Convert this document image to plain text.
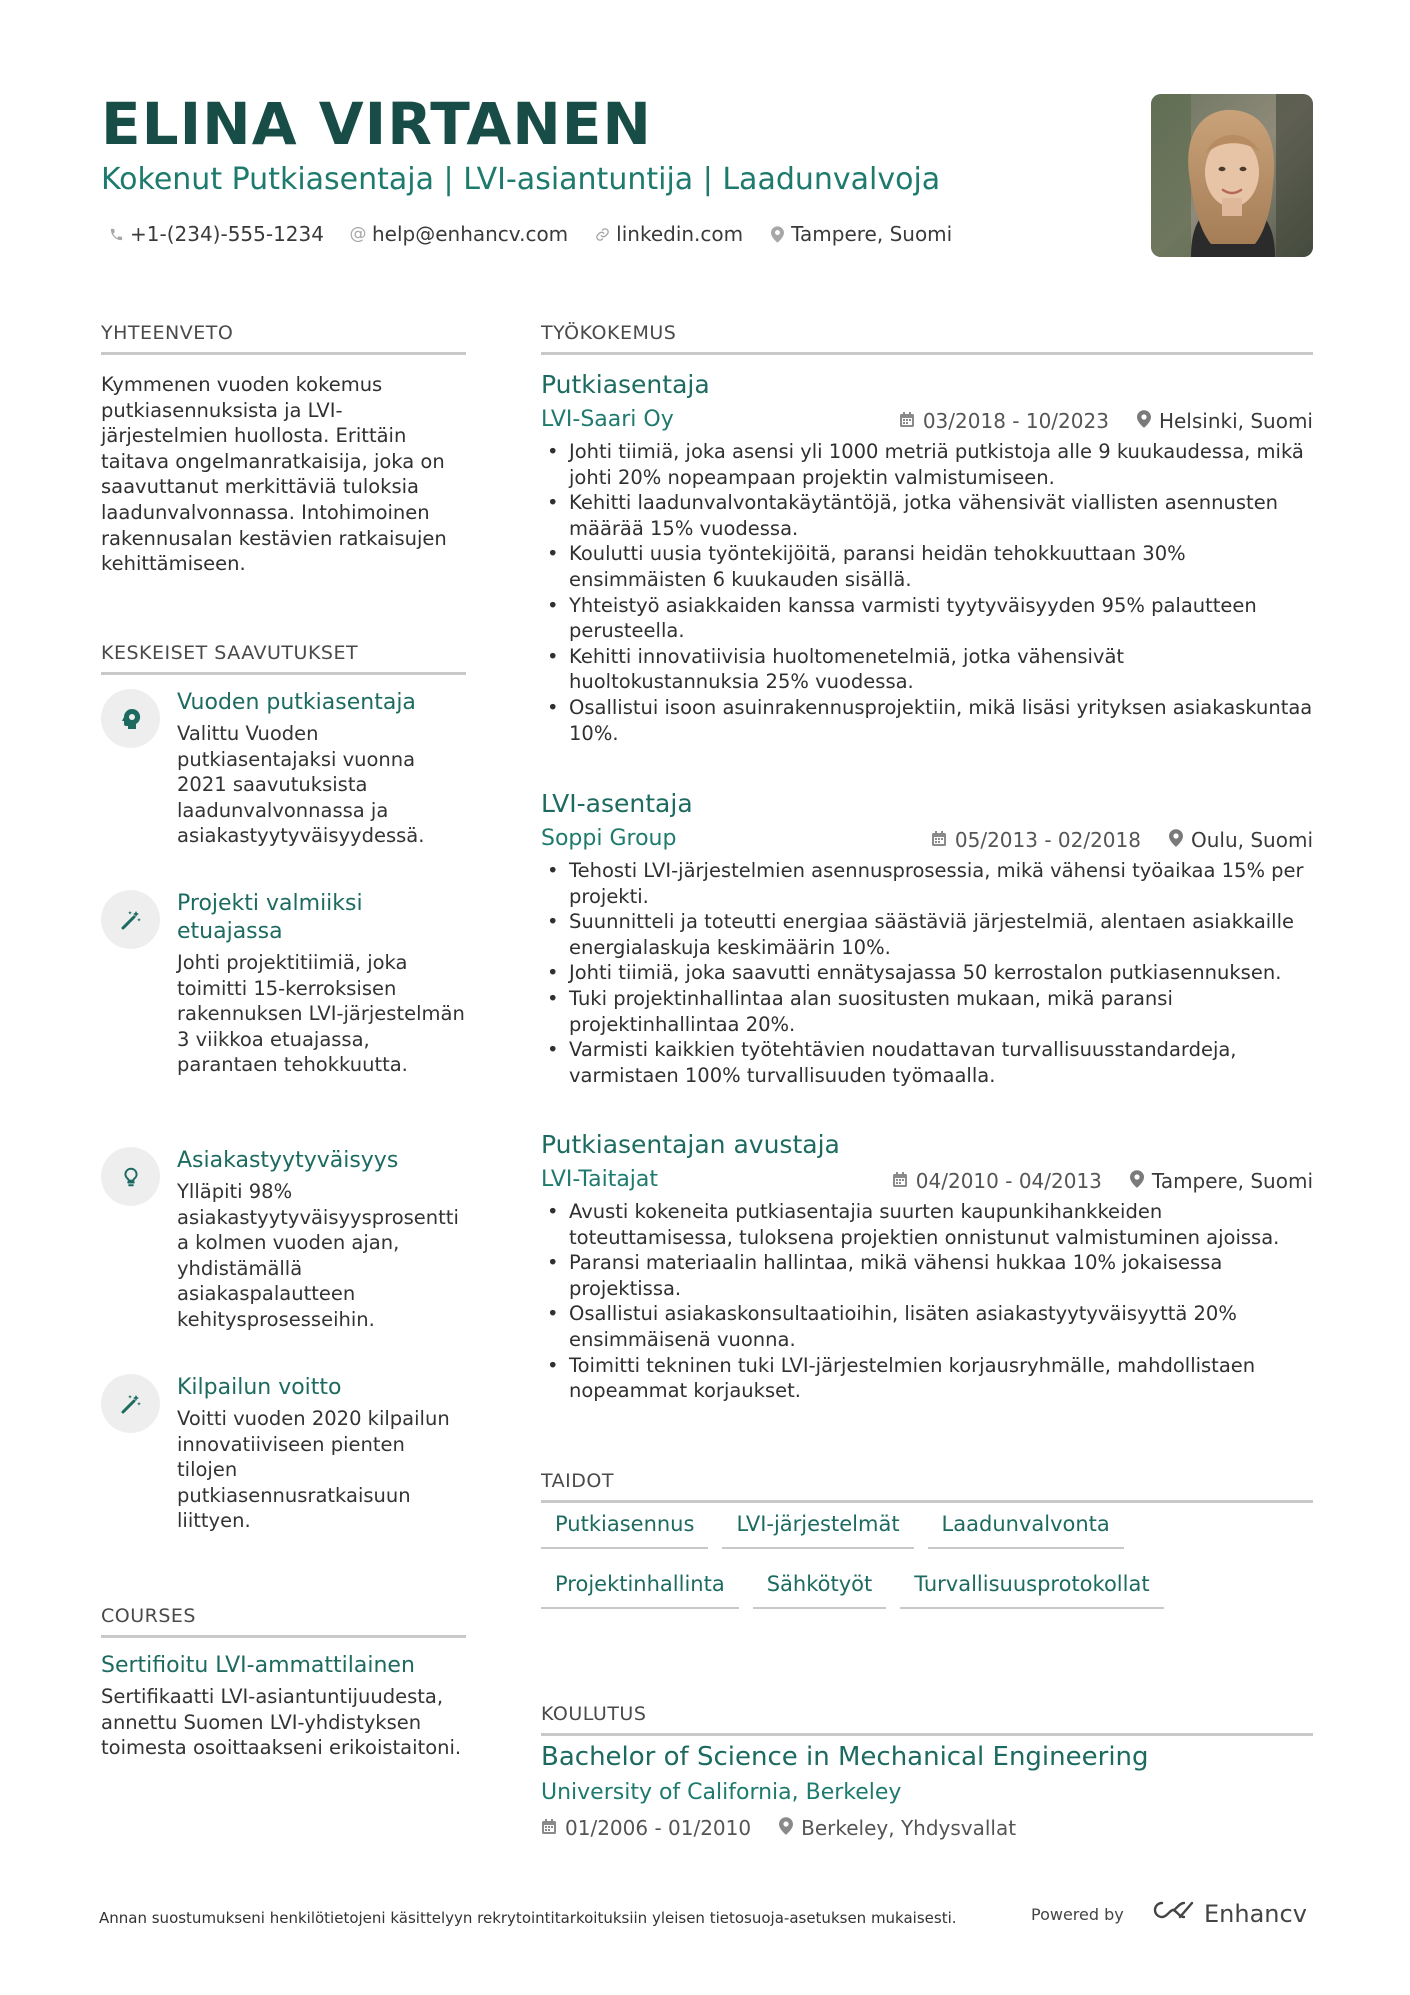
ELINA VIRTANEN
Kokenut Putkiasentaja | LVI-asiantuntija | Laadunvalvoja
+1-(234)-555-1234 @ help@enhancv.com linkedin.com Tampere, Suomi
YHTEENVETO
Kymmenen vuoden kokemus putkiasennuksista ja LVI-järjestelmien huollosta. Erittäin taitava ongelmanratkaisija, joka on saavuttanut merkittäviä tuloksia laadunvalvonnassa. Intohimoinen rakennusalan kestävien ratkaisujen kehittämiseen.
KESKEISET SAAVUTUKSET
Vuoden putkiasentaja
Valittu Vuoden putkiasentajaksi vuonna 2021 saavutuksista laadunvalvonnassa ja asiakastyytyväisyydessä.
Projekti valmiiksi etuajassa
Johti projektitiimiä, joka toimitti 15-kerroksisen rakennuksen LVI-järjestelmän 3 viikkoa etuajassa, parantaen tehokkuutta.
Asiakastyytyväisyys
Ylläpiti 98% asiakastyytyväisyysprosentti a kolmen vuoden ajan, yhdistämällä asiakaspalautteen kehitysprosesseihin.
Kilpailun voitto
Voitti vuoden 2020 kilpailun innovatiiviseen pienten tilojen putkiasennusratkaisuun liittyen.
COURSES
Sertifioitu LVI-ammattilainen
Sertifikaatti LVI-asiantuntijuudesta, annettu Suomen LVI-yhdistyksen toimesta osoittaakseni erikoistaitoni.
TYÖKOKEMUS
Putkiasentaja
LVI-Saari Oy	03/2018 - 10/2023	Helsinki, Suomi
• Johti tiimiä, joka asensi yli 1000 metriä putkistoja alle 9 kuukaudessa, mikä johti 20% nopeampaan projektin valmistumiseen.
• Kehitti laadunvalvontakäytäntöjä, jotka vähensivät viallisten asennusten määrää 15% vuodessa.
• Koulutti uusia työntekijöitä, paransi heidän tehokkuuttaan 30% ensimmäisten 6 kuukauden sisällä.
• Yhteistyö asiakkaiden kanssa varmisti tyytyväisyyden 95% palautteen perusteella.
• Kehitti innovatiivisia huoltomenetelmiä, jotka vähensivät huoltokustannuksia 25% vuodessa.
• Osallistui isoon asuinrakennusprojektiin, mikä lisäsi yrityksen asiakaskuntaa 10%.
LVI-asentaja
Soppi Group	05/2013 - 02/2018	Oulu, Suomi
• Tehosti LVI-järjestelmien asennusprosessia, mikä vähensi työaikaa 15% per projekti.
• Suunnitteli ja toteutti energiaa säästäviä järjestelmiä, alentaen asiakkaille energialaskuja keskimäärin 10%.
• Johti tiimiä, joka saavutti ennätysajassa 50 kerrostalon putkiasennuksen.
• Tuki projektinhallintaa alan suositusten mukaan, mikä paransi projektinhallintaa 20%.
• Varmisti kaikkien työtehtävien noudattavan turvallisuusstandardeja, varmistaen 100% turvallisuuden työmaalla.
Putkiasentajan avustaja
LVI-Taitajat	04/2010 - 04/2013	Tampere, Suomi
• Avusti kokeneita putkiasentajia suurten kaupunkihankkeiden toteuttamisessa, tuloksena projektien onnistunut valmistuminen ajoissa.
• Paransi materiaalin hallintaa, mikä vähensi hukkaa 10% jokaisessa projektissa.
• Osallistui asiakaskonsultaatioihin, lisäten asiakastyytyväisyyttä 20% ensimmäisenä vuonna.
• Toimitti tekninen tuki LVI-järjestelmien korjausryhmälle, mahdollistaen nopeammat korjaukset.
TAIDOT
Putkiasennus	LVI-järjestelmät	Laadunvalvonta
Projektinhallinta	Sähkötyöt	Turvallisuusprotokollat
KOULUTUS
Bachelor of Science in Mechanical Engineering
University of California, Berkeley
01/2006 - 01/2010	Berkeley, Yhdysvallat
Annan suostumukseni henkilötietojeni käsittelyyn rekrytointitarkoituksiin yleisen tietosuoja-asetuksen mukaisesti.	Powered by	Enhancv
